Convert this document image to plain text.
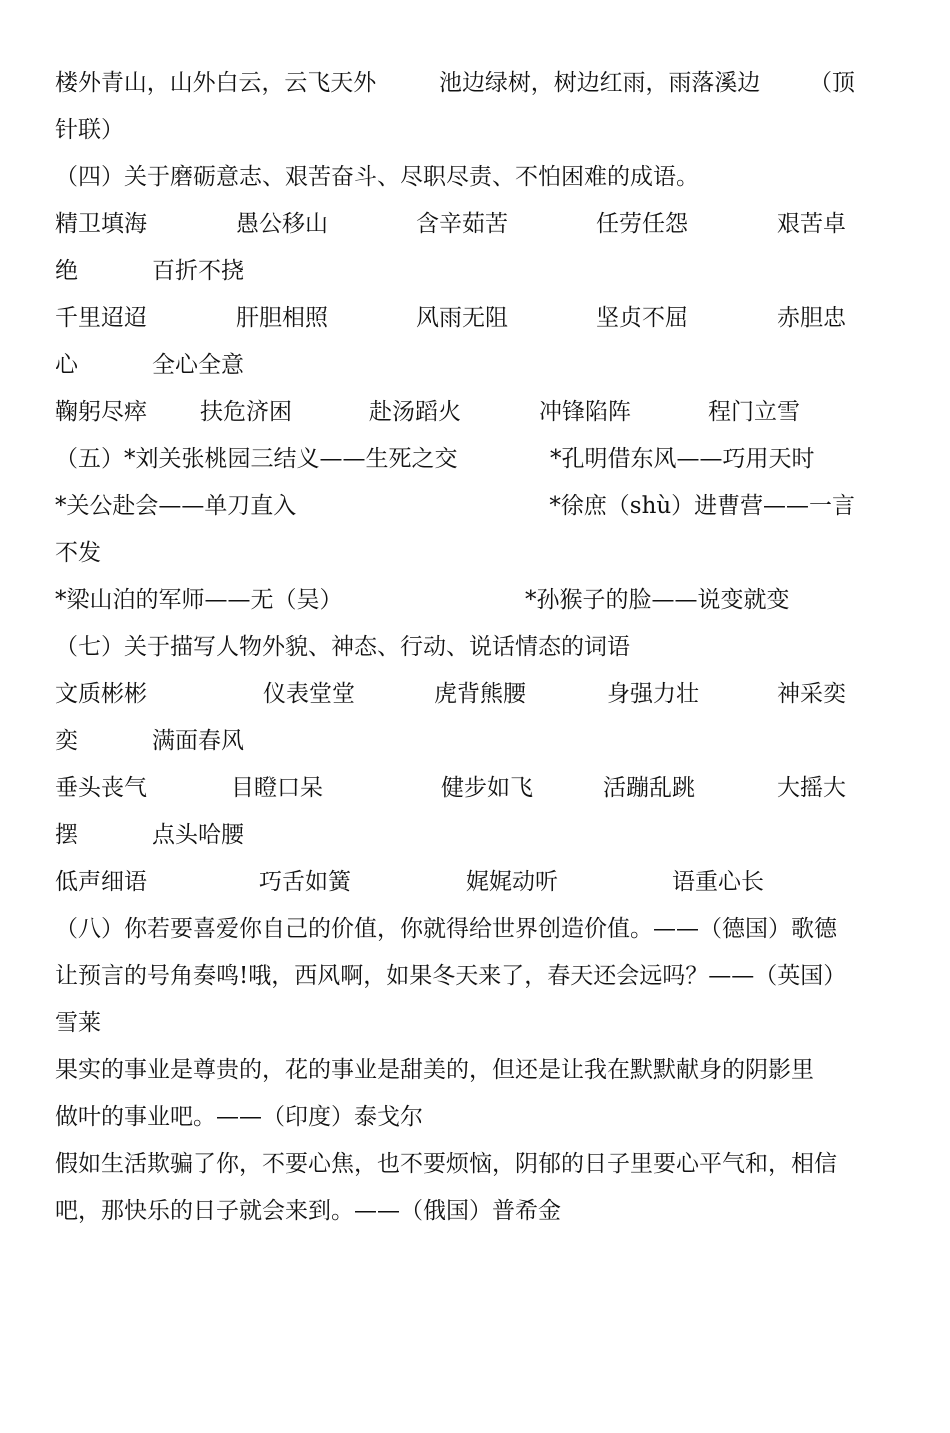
楼外青山，山外白云，云飞天外	池边绿树，树边红雨，雨落溪边 （顶
针联）
（四）关于磨砺意志、艰苦奋斗、尽职尽责、不怕困难的成语。
精卫填海	愚公移山	含辛茹苦	任劳任怨	艰苦卓
绝	百折不挠
千里迢迢	肝胆相照	风雨无阻	坚贞不屈	赤胆忠
心	全心全意
鞠躬尽瘁 扶危济困	赴汤蹈火	冲锋陷阵	程门立雪
（五）*刘关张桃园三结义——生死之交	*孔明借东风——巧用天时
*关公赴会——单刀直入	*徐庶（shù）进曹营——一言
不发
*梁山泊的军师——无（吴）	*孙猴子的脸——说变就变
（七）关于描写人物外貌、神态、行动、说话情态的词语
文质彬彬	仪表堂堂	虎背熊腰	身强力壮	神采奕
奕	满面春风
垂头丧气	目瞪口呆	健步如飞	活蹦乱跳	大摇大
摆	点头哈腰
低声细语	巧舌如簧	娓娓动听	语重心长
（八）你若要喜爱你自己的价值，你就得给世界创造价值。——（德国）歌德
让预言的号角奏鸣!哦，西风啊，如果冬天来了，春天还会远吗？——（英国）
雪莱
果实的事业是尊贵的，花的事业是甜美的，但还是让我在默默献身的阴影里
做叶的事业吧。——（印度）泰戈尔
假如生活欺骗了你，不要心焦，也不要烦恼，阴郁的日子里要心平气和，相信
吧，那快乐的日子就会来到。——（俄国）普希金
